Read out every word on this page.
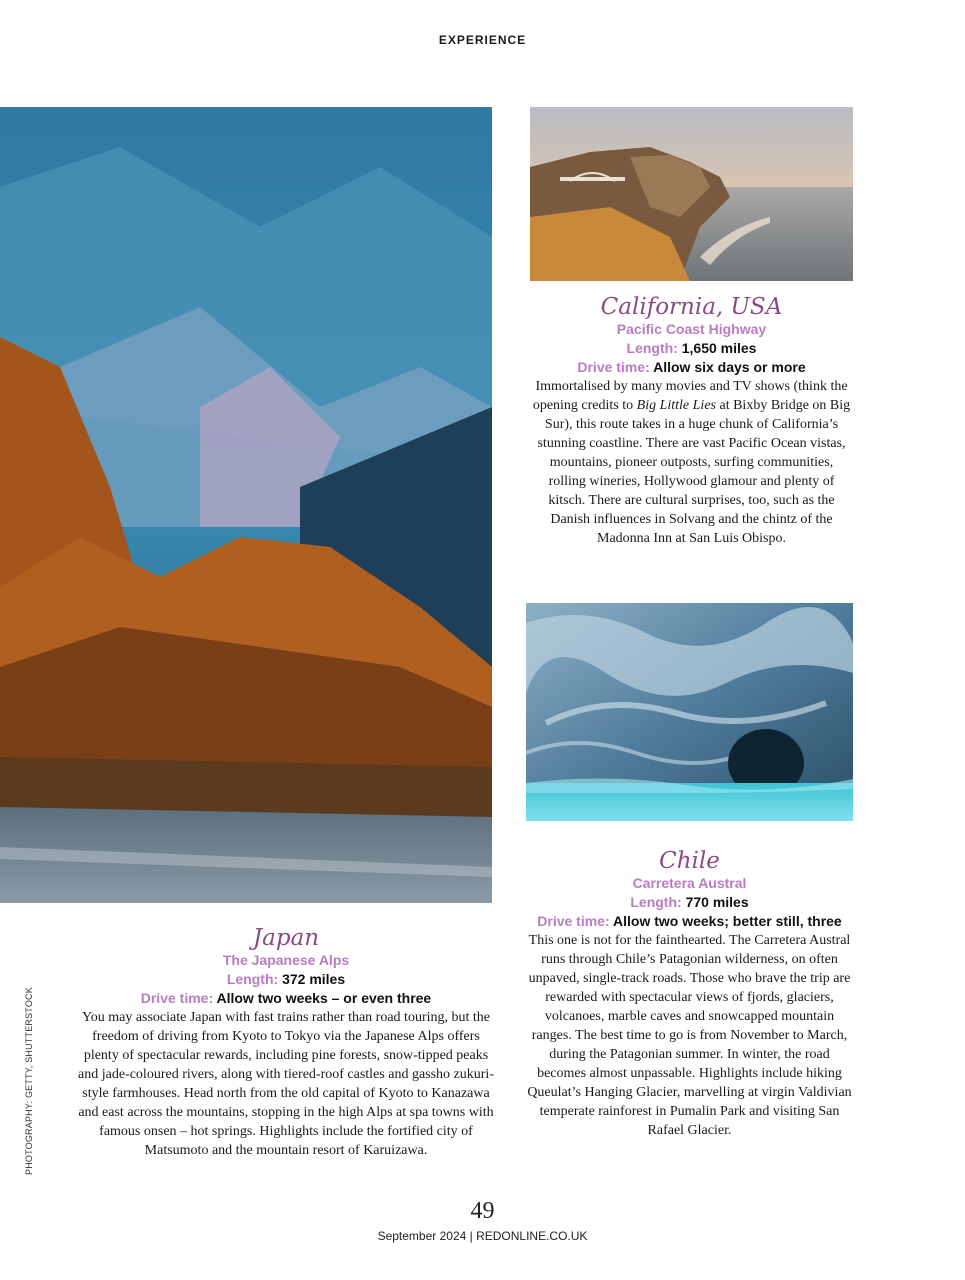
EXPERIENCE
California, USA
Pacific Coast Highway
Length: 1,650 miles
Drive time: Allow six days or more
Immortalised by many movies and TV shows (think the opening credits to Big Little Lies at Bixby Bridge on Big Sur), this route takes in a huge chunk of California’s stunning coastline. There are vast Pacific Ocean vistas, mountains, pioneer outposts, surfing communities, rolling wineries, Hollywood glamour and plenty of kitsch. There are cultural surprises, too, such as the Danish influences in Solvang and the chintz of the Madonna Inn at San Luis Obispo.
Chile
Carretera Austral
Length: 770 miles
Drive time: Allow two weeks; better still, three
This one is not for the fainthearted. The Carretera Austral runs through Chile’s Patagonian wilderness, on often unpaved, single-track roads. Those who brave the trip are rewarded with spectacular views of fjords, glaciers, volcanoes, marble caves and snowcapped mountain ranges. The best time to go is from November to March, during the Patagonian summer. In winter, the road becomes almost unpassable. Highlights include hiking Queulat’s Hanging Glacier, marvelling at virgin Valdivian temperate rainforest in Pumalin Park and visiting San Rafael Glacier.
Japan
The Japanese Alps
Length: 372 miles
Drive time: Allow two weeks – or even three
You may associate Japan with fast trains rather than road touring, but the freedom of driving from Kyoto to Tokyo via the Japanese Alps offers plenty of spectacular rewards, including pine forests, snow-tipped peaks and jade-coloured rivers, along with tiered-roof castles and gassho zukuri-style farmhouses. Head north from the old capital of Kyoto to Kanazawa and east across the mountains, stopping in the high Alps at spa towns with famous onsen – hot springs. Highlights include the fortified city of Matsumoto and the mountain resort of Karuizawa.
PHOTOGRAPHY: GETTY, SHUTTERSTOCK
49
September 2024 | REDONLINE.CO.UK
